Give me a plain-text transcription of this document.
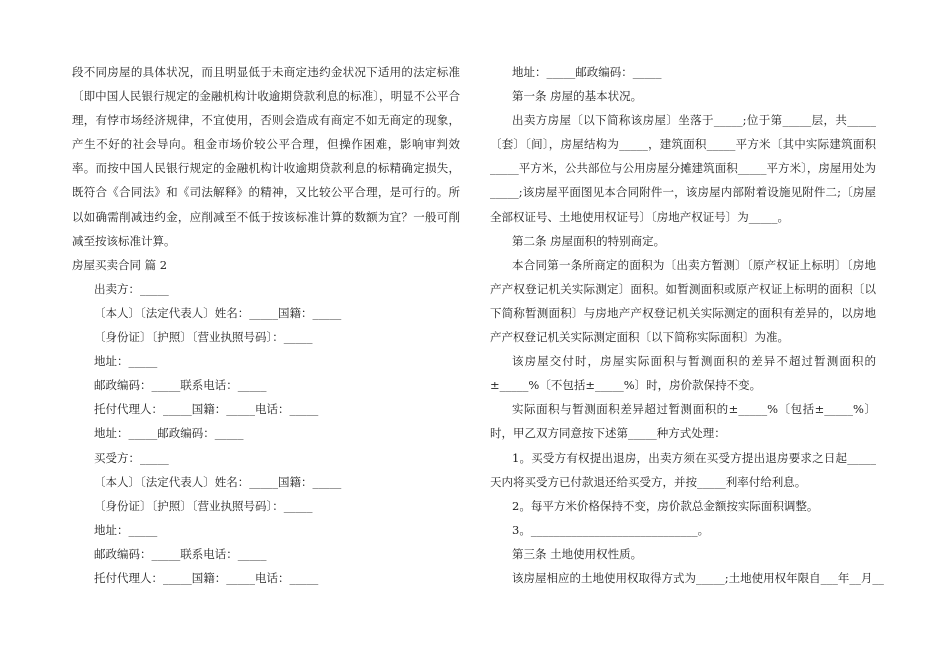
段不同房屋的具体状况，而且明显低于未商定违约金状况下适用的法定标准〔即中国人民银行规定的金融机构计收逾期贷款利息的标准〕，明显不公平合理，有悖市场经济规律，不宜使用，否则会造成有商定不如无商定的现象，产生不好的社会导向。租金市场价较公平合理，但操作困难，影响审判效率。而按中国人民银行规定的金融机构计收逾期贷款利息的标精确定损失，既符合《合同法》和《司法解释》的精神，又比较公平合理，是可行的。所以如确需削减违约金，应削减至不低于按该标准计算的数额为宜？一般可削减至按该标准计算。

房屋买卖合同 篇 2

出卖方：_____

〔本人〕〔法定代表人〕姓名：_____国籍：_____

〔身份证〕〔护照〕〔营业执照号码〕：_____

地址：_____

邮政编码：_____联系电话：_____

托付代理人：_____国籍：_____电话：_____

地址：_____邮政编码：_____

买受方：_____

〔本人〕〔法定代表人〕姓名：_____国籍：_____

〔身份证〕〔护照〕〔营业执照号码〕：_____

地址：_____

邮政编码：_____联系电话：_____

托付代理人：_____国籍：_____电话：_____

地址：_____邮政编码：_____

第一条 房屋的基本状况。

出卖方房屋〔以下简称该房屋〕坐落于_____;位于第_____层，共_____〔套〕〔间〕，房屋结构为_____，建筑面积_____平方米〔其中实际建筑面积_____平方米，公共部位与公用房屋分摊建筑面积_____平方米〕，房屋用处为_____;该房屋平面图见本合同附件一，该房屋内部附着设施见附件二;〔房屋全部权证号、土地使用权证号〕〔房地产权证号〕为_____。

第二条 房屋面积的特别商定。

本合同第一条所商定的面积为〔出卖方暂测〕〔原产权证上标明〕〔房地产产权登记机关实际测定〕面积。如暂测面积或原产权证上标明的面积〔以下简称暂测面积〕与房地产产权登记机关实际测定的面积有差异的，以房地产产权登记机关实际测定面积〔以下简称实际面积〕为准。

该房屋交付时，房屋实际面积与暂测面积的差异不超过暂测面积的±_____%〔不包括±_____%〕时，房价款保持不变。

实际面积与暂测面积差异超过暂测面积的±_____%〔包括±_____%〕时，甲乙双方同意按下述第_____种方式处理：

1。买受方有权提出退房，出卖方须在买受方提出退房要求之日起_____天内将买受方已付款退还给买受方，并按_____利率付给利息。

2。每平方米价格保持不变，房价款总金额按实际面积调整。

3。_____________________________。

第三条 土地使用权性质。

该房屋相应的土地使用权取得方式为_____;土地使用权年限自___年__月__
